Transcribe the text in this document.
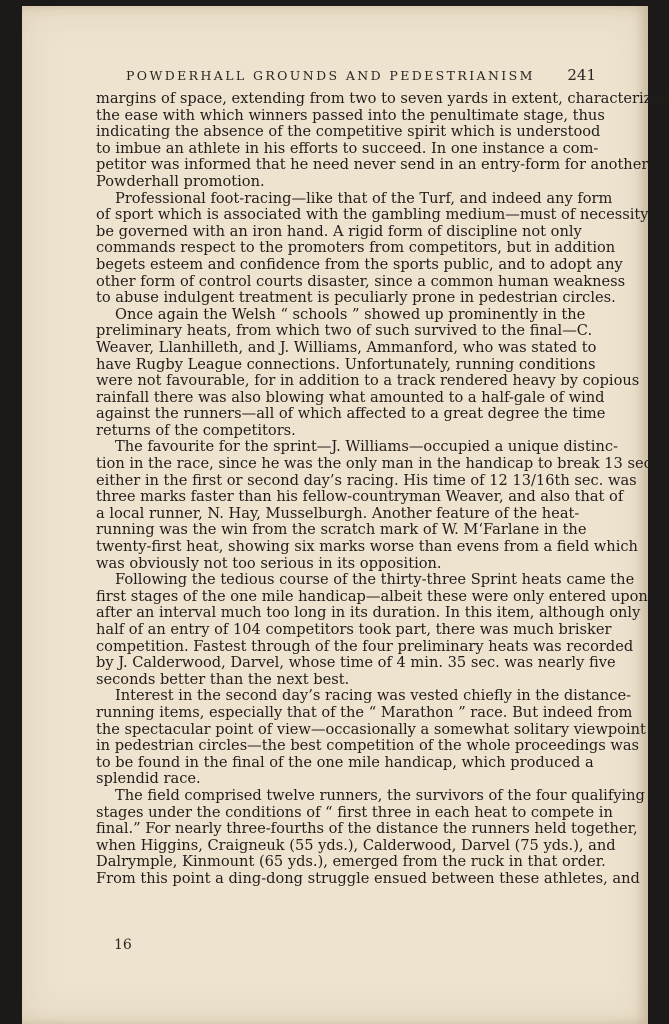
POWDERHALL GROUNDS AND PEDESTRIANISM 241
margins of space, extending from two to seven yards in extent, characterized
the ease with which winners passed into the penultimate stage, thus
indicating the absence of the competitive spirit which is understood
to imbue an athlete in his efforts to succeed. In one instance a com-
petitor was informed that he need never send in an entry-form for another
Powderhall promotion.
Professional foot-racing—like that of the Turf, and indeed any form
of sport which is associated with the gambling medium—must of necessity
be governed with an iron hand. A rigid form of discipline not only
commands respect to the promoters from competitors, but in addition
begets esteem and confidence from the sports public, and to adopt any
other form of control courts disaster, since a common human weakness
to abuse indulgent treatment is peculiarly prone in pedestrian circles.
Once again the Welsh “ schools ” showed up prominently in the
preliminary heats, from which two of such survived to the final—C.
Weaver, Llanhilleth, and J. Williams, Ammanford, who was stated to
have Rugby League connections. Unfortunately, running conditions
were not favourable, for in addition to a track rendered heavy by copious
rainfall there was also blowing what amounted to a half-gale of wind
against the runners—all of which affected to a great degree the time
returns of the competitors.
The favourite for the sprint—J. Williams—occupied a unique distinc-
tion in the race, since he was the only man in the handicap to break 13 sec.
either in the first or second day’s racing. His time of 12 13/16th sec. was
three marks faster than his fellow-countryman Weaver, and also that of
a local runner, N. Hay, Musselburgh. Another feature of the heat-
running was the win from the scratch mark of W. M‘Farlane in the
twenty-first heat, showing six marks worse than evens from a field which
was obviously not too serious in its opposition.
Following the tedious course of the thirty-three Sprint heats came the
first stages of the one mile handicap—albeit these were only entered upon
after an interval much too long in its duration. In this item, although only
half of an entry of 104 competitors took part, there was much brisker
competition. Fastest through of the four preliminary heats was recorded
by J. Calderwood, Darvel, whose time of 4 min. 35 sec. was nearly five
seconds better than the next best.
Interest in the second day’s racing was vested chiefly in the distance-
running items, especially that of the “ Marathon ” race. But indeed from
the spectacular point of view—occasionally a somewhat solitary viewpoint
in pedestrian circles—the best competition of the whole proceedings was
to be found in the final of the one mile handicap, which produced a
splendid race.
The field comprised twelve runners, the survivors of the four qualifying
stages under the conditions of “ first three in each heat to compete in
final.” For nearly three-fourths of the distance the runners held together,
when Higgins, Craigneuk (55 yds.), Calderwood, Darvel (75 yds.), and
Dalrymple, Kinmount (65 yds.), emerged from the ruck in that order.
From this point a ding-dong struggle ensued between these athletes, and
16
